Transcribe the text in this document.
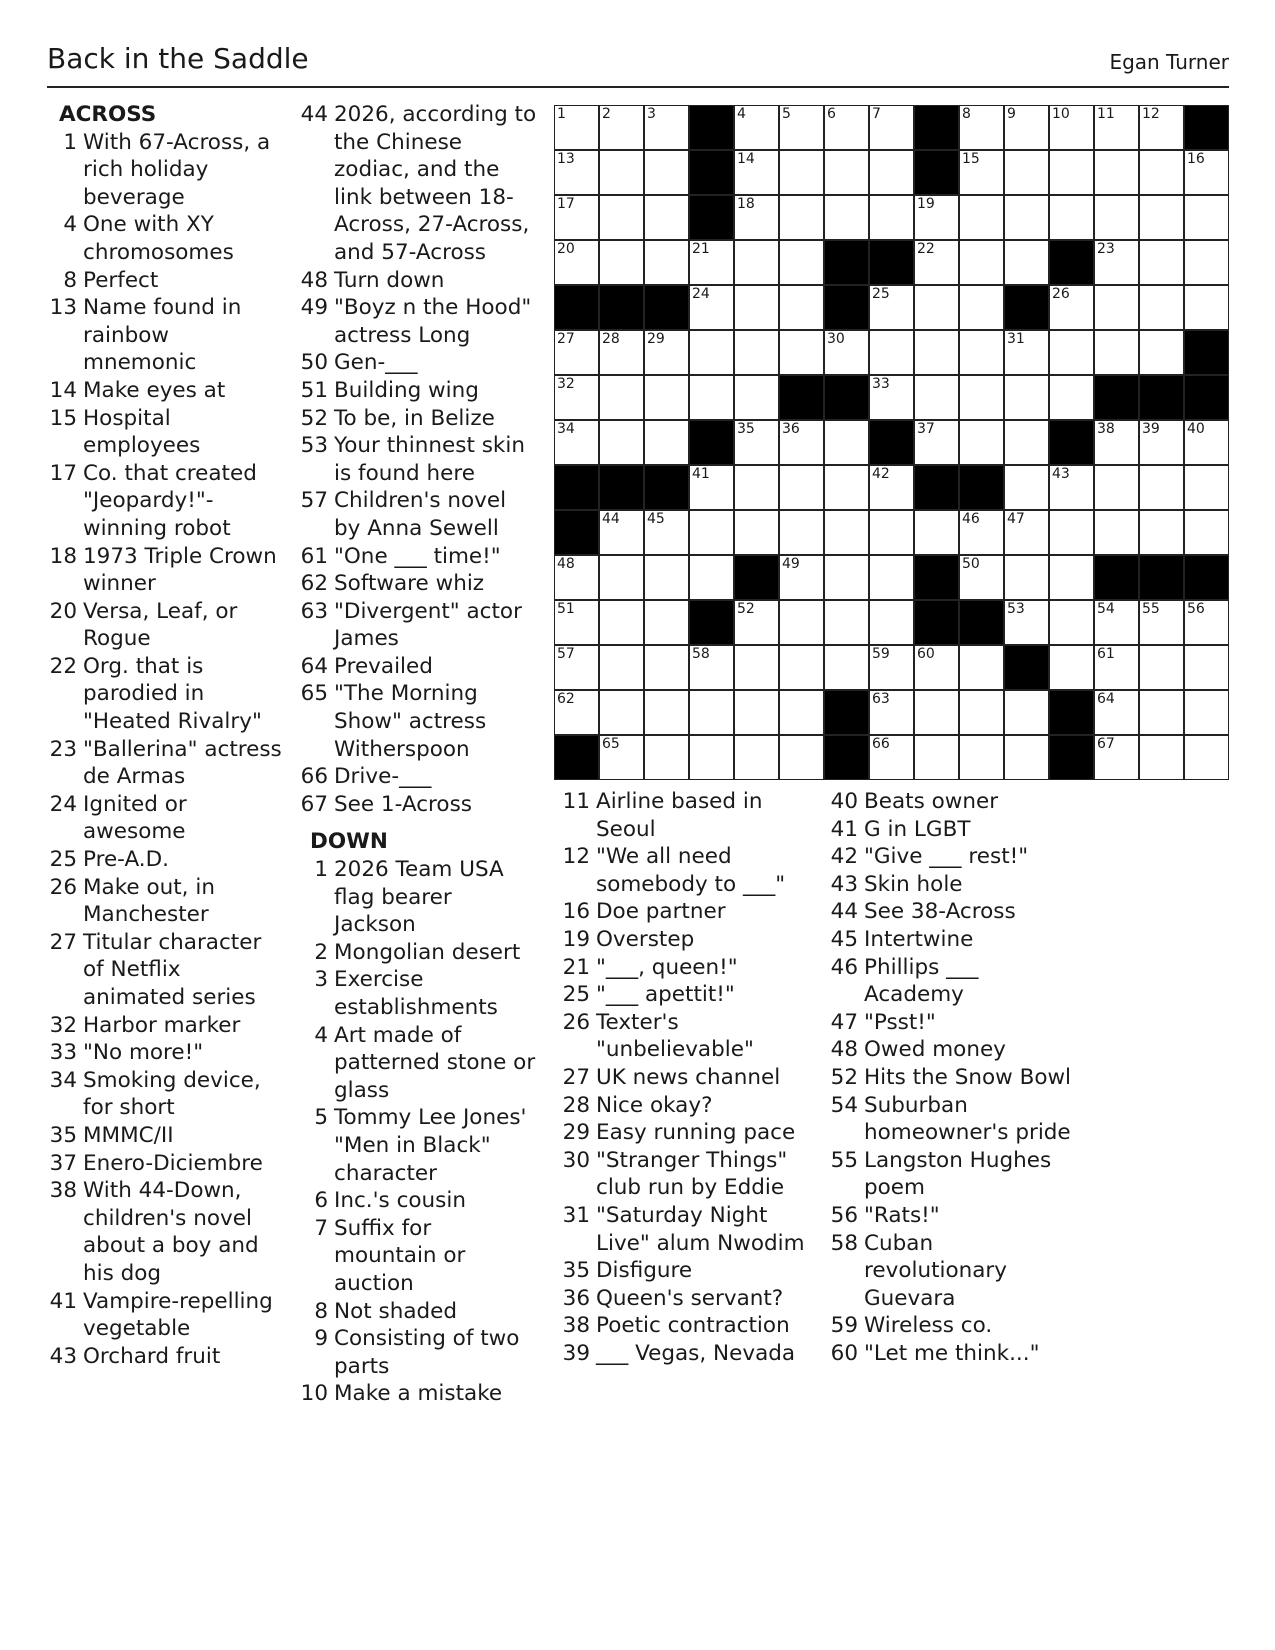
Back in the Saddle	Egan Turner
ACROSS
1 With 67-Across, a rich holiday beverage
4 One with XY chromosomes
8 Perfect
13 Name found in rainbow mnemonic
14 Make eyes at
15 Hospital employees
17 Co. that created "Jeopardy!"-winning robot
18 1973 Triple Crown winner
20 Versa, Leaf, or Rogue
22 Org. that is parodied in "Heated Rivalry"
23 "Ballerina" actress de Armas
24 Ignited or awesome
25 Pre-A.D.
26 Make out, in Manchester
27 Titular character of Netflix animated series
32 Harbor marker
33 "No more!"
34 Smoking device, for short
35 MMMC/II
37 Enero-Diciembre
38 With 44-Down, children's novel about a boy and his dog
41 Vampire-repelling vegetable
43 Orchard fruit
44 2026, according to the Chinese zodiac, and the link between 18-Across, 27-Across, and 57-Across
48 Turn down
49 "Boyz n the Hood" actress Long
50 Gen-___
51 Building wing
52 To be, in Belize
53 Your thinnest skin is found here
57 Children's novel by Anna Sewell
61 "One ___ time!"
62 Software whiz
63 "Divergent" actor James
64 Prevailed
65 "The Morning Show" actress Witherspoon
66 Drive-___
67 See 1-Across
DOWN
1 2026 Team USA flag bearer Jackson
2 Mongolian desert
3 Exercise establishments
4 Art made of patterned stone or glass
5 Tommy Lee Jones' "Men in Black" character
6 Inc.'s cousin
7 Suffix for mountain or auction
8 Not shaded
9 Consisting of two parts
10 Make a mistake
11 Airline based in Seoul
12 "We all need somebody to ___"
16 Doe partner
19 Overstep
21 "___, queen!"
25 "___ apettit!"
26 Texter's "unbelievable"
27 UK news channel
28 Nice okay?
29 Easy running pace
30 "Stranger Things" club run by Eddie
31 "Saturday Night Live" alum Nwodim
35 Disfigure
36 Queen's servant?
38 Poetic contraction
39 ___ Vegas, Nevada
40 Beats owner
41 G in LGBT
42 "Give ___ rest!"
43 Skin hole
44 See 38-Across
45 Intertwine
46 Phillips ___ Academy
47 "Psst!"
48 Owed money
52 Hits the Snow Bowl
54 Suburban homeowner's pride
55 Langston Hughes poem
56 "Rats!"
58 Cuban revolutionary Guevara
59 Wireless co.
60 "Let me think..."
1	2	3	4	5	6	7	8	9	10 11 12
13	14	15	16
17	18	19
20	21	22	23
24	25	26
27 28 29	30	31
32	33
34	35 36	37	38 39 40
41	42	43
44 45	46 47
48	49	50
51	52	53	54 55 56
57	58	59 60	61
62	63	64
65	66	67
